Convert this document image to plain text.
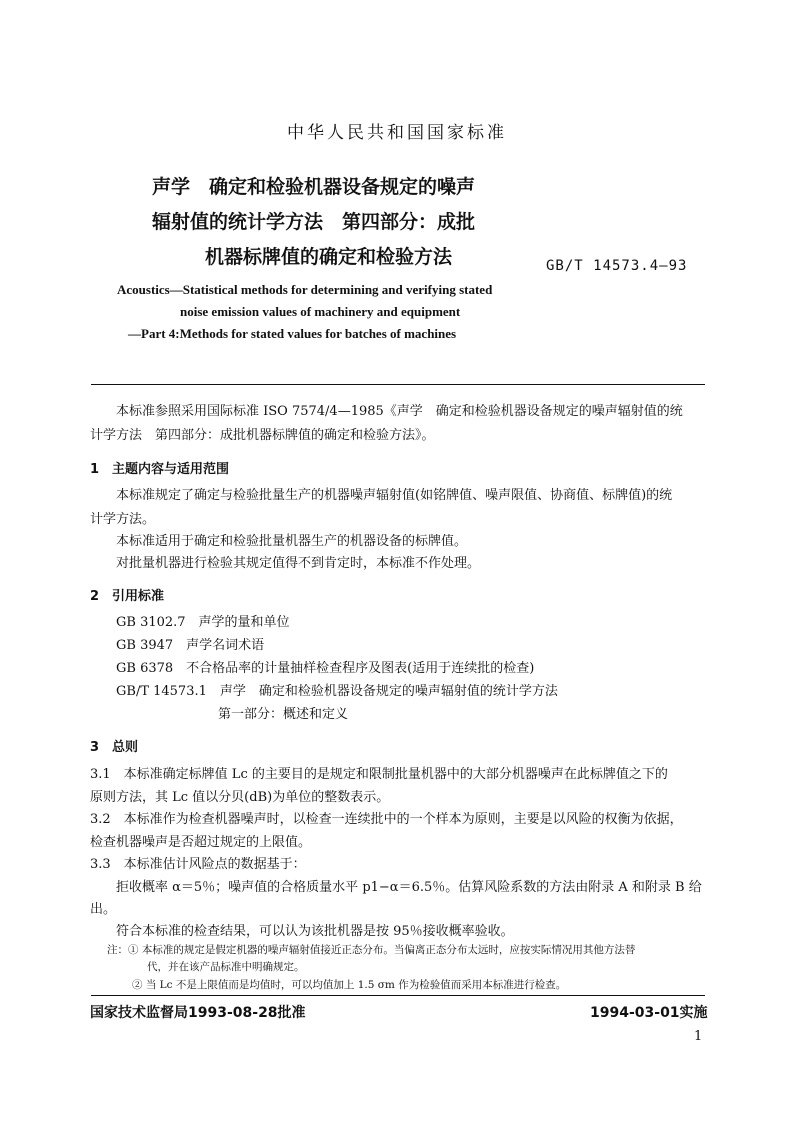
中华人民共和国国家标准
声学　确定和检验机器设备规定的噪声
辐射值的统计学方法　第四部分：成批
机器标牌值的确定和检验方法	GB/T 14573.4—93
Acoustics—Statistical methods for determining and verifying stated
noise emission values of machinery and equipment
—Part 4:Methods for stated values for batches of machines
本标准参照采用国际标准 ISO 7574/4—1985《声学　确定和检验机器设备规定的噪声辐射值的统
计学方法　第四部分：成批机器标牌值的确定和检验方法》。
1　主题内容与适用范围
本标准规定了确定与检验批量生产的机器噪声辐射值(如铭牌值、噪声限值、协商值、标牌值)的统
计学方法。
本标准适用于确定和检验批量机器生产的机器设备的标牌值。
对批量机器进行检验其规定值得不到肯定时，本标准不作处理。
2　引用标准
GB 3102.7　声学的量和单位
GB 3947　声学名词术语
GB 6378　不合格品率的计量抽样检查程序及图表(适用于连续批的检查)
GB/T 14573.1　声学　确定和检验机器设备规定的噪声辐射值的统计学方法
第一部分：概述和定义
3　总则
3.1　本标准确定标牌值 Lc 的主要目的是规定和限制批量机器中的大部分机器噪声在此标牌值之下的
原则方法，其 Lc 值以分贝(dB)为单位的整数表示。
3.2　本标准作为检查机器噪声时，以检查一连续批中的一个样本为原则，主要是以风险的权衡为依据，
检查机器噪声是否超过规定的上限值。
3.3　本标准估计风险点的数据基于：
拒收概率 α＝5％；噪声值的合格质量水平 p1−α＝6.5％。估算风险系数的方法由附录 A 和附录 B 给
出。
符合本标准的检查结果，可以认为该批机器是按 95％接收概率验收。
注：① 本标准的规定是假定机器的噪声辐射值接近正态分布。当偏离正态分布太远时，应按实际情况用其他方法替
代，并在该产品标准中明确规定。
② 当 Lc 不是上限值而是均值时，可以均值加上 1.5 σm 作为检验值而采用本标准进行检查。
国家技术监督局1993-08-28批准	1994-03-01实施
1
